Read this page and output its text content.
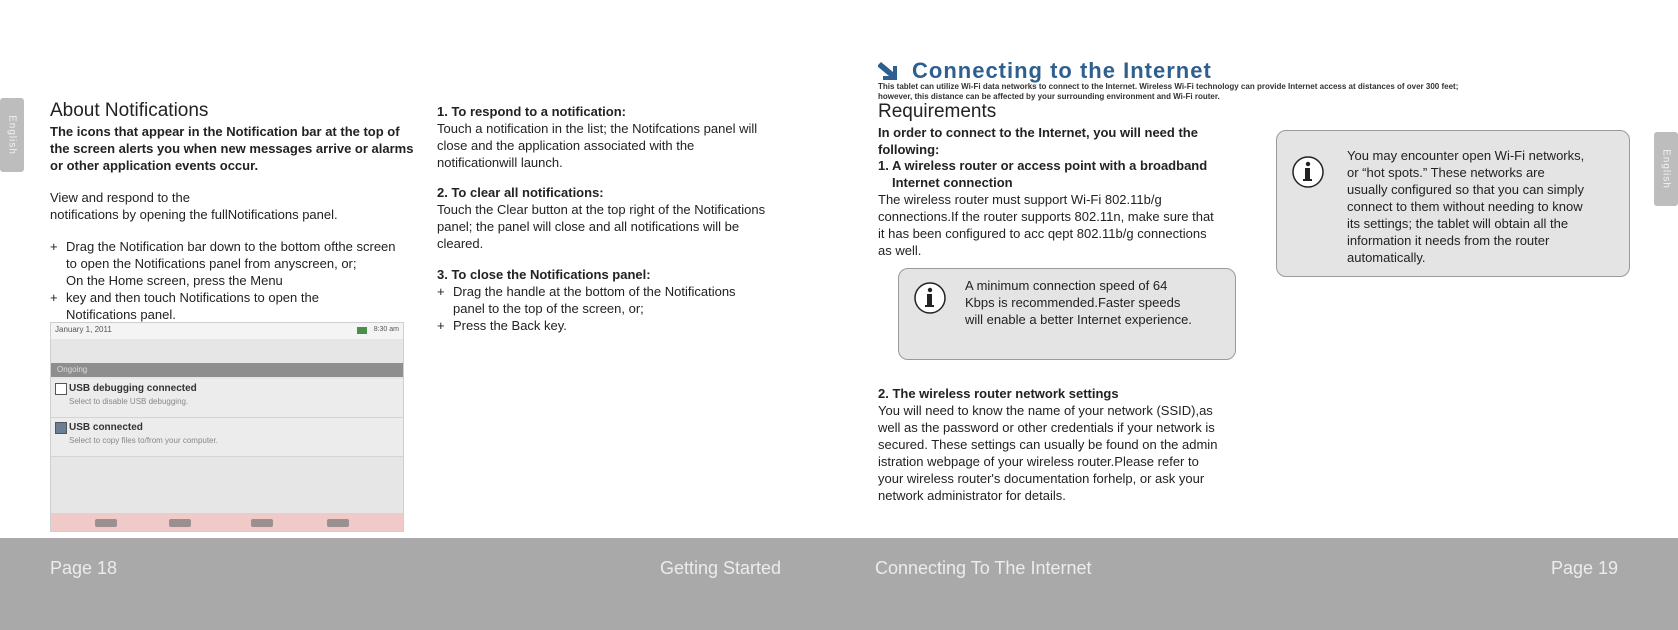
English
English
About Notifications
The icons that appear in the Notification bar at the top of
the screen alerts you when new messages arrive or alarms
or other application events occur.
View and respond to the
notifications by opening the fullNotifications panel.
+ Drag the Notification bar down to the bottom ofthe screen
to open the Notifications panel from anyscreen, or;
On the Home screen, press the Menu
+ key and then touch Notifications to open the
Notifications panel.
January 1, 2011	8:30 am
Ongoing
USB debugging connected
Select to disable USB debugging.
USB connected
Select to copy files to/from your computer.
1. To respond to a notification:
Touch a notification in the list; the Notifcations panel will
close and the application associated with the
notificationwill launch.
2. To clear all notifications:
Touch the Clear button at the top right of the Notifications
panel; the panel will close and all notifications will be
cleared.
3. To close the Notifications panel:
+ Drag the handle at the bottom of the Notifications
panel to the top of the screen, or;
+ Press the Back key.
Connecting to the Internet
This tablet can utilize Wi-Fi data networks to connect to the Internet. Wireless Wi-Fi technology can provide Internet access at distances of over 300 feet;
however, this distance can be affected by your surrounding environment and Wi-Fi router.
Requirements
In order to connect to the Internet, you will need the
following:
1. A wireless router or access point with a broadband
Internet connection
The wireless router must support Wi-Fi 802.11b/g
connections.If the router supports 802.11n, make sure that
it has been configured to acc qept 802.11b/g connections
as well.
A minimum connection speed of 64
Kbps is recommended.Faster speeds
will enable a better Internet experience.
You may encounter open Wi-Fi networks,
or “hot spots.” These networks are
usually configured so that you can simply
connect to them without needing to know
its settings; the tablet will obtain all the
information it needs from the router
automatically.
2. The wireless router network settings
You will need to know the name of your network (SSID),as
well as the password or other credentials if your network is
secured. These settings can usually be found on the admin
istration webpage of your wireless router.Please refer to
your wireless router's documentation forhelp, or ask your
network administrator for details.
Page 18	Getting Started	Connecting To The Internet	Page 19
